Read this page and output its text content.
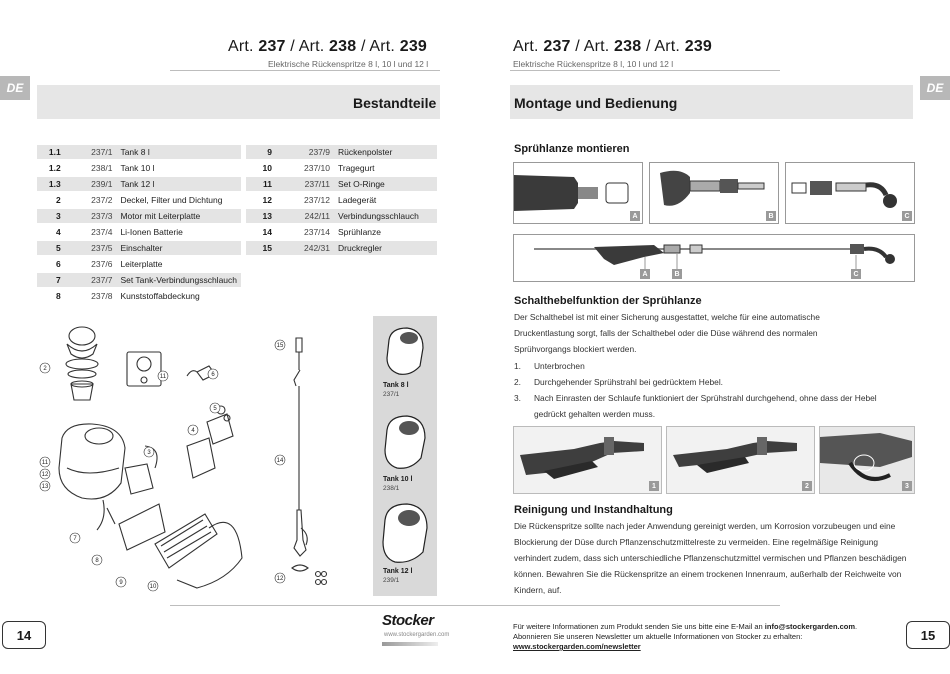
Art. 237 / Art. 238 / Art. 239
Elektrische Rückenspritze 8 l, 10 l und 12 l
Art. 237 / Art. 238 / Art. 239
Elektrische Rückenspritze 8 l, 10 l und 12 l
DE	DE
Bestandteile	Montage und Bedienung
1.1	237/1	Tank 8 l
1.2	238/1	Tank 10 l
1.3	239/1	Tank 12 l
2	237/2	Deckel, Filter und Dichtung
3	237/3	Motor mit Leiterplatte
4	237/4	Li-Ionen Batterie
5	237/5	Einschalter
6	237/6	Leiterplatte
7	237/7	Set Tank-Verbindungsschlauch
8	237/8	Kunststoffabdeckung
9	237/9	Rückenpolster
10	237/10	Tragegurt
11	237/11	Set O-Ringe
12	237/12	Ladegerät
13	242/11	Verbindungsschlauch
14	237/14	Sprühlanze
15	242/31	Druckregler
2
11	6
5
4
3
11
12
13
7
8
9
10
15
14
12
Tank 8 l
237/1
Tank 10 l
238/1
Tank 12 l
239/1
Sprühlanze montieren
A	B	C
A	B	C
Schalthebelfunktion der Sprühlanze
Der Schalthebel ist mit einer Sicherung ausgestattet, welche für eine automatische Druckentlastung sorgt, falls der Schalthebel oder die Düse während des normalen Sprühvorgangs blockiert werden.
1.	Unterbrochen
2.	Durchgehender Sprühstrahl bei gedrücktem Hebel.
3.	Nach Einrasten der Schlaufe funktioniert der Sprühstrahl durchgehend, ohne dass der Hebel gedrückt gehalten werden muss.
1	2	3
Reinigung und Instandhaltung
Die Rückenspritze sollte nach jeder Anwendung gereinigt werden, um Korrosion vorzubeugen und eine Blockierung der Düse durch Pflanzenschutzmittelreste zu vermeiden. Eine regelmäßige Reinigung verhindert zudem, dass sich unterschiedliche Pflanzenschutzmittel vermischen und Pflanzen beschädigen können. Bewahren Sie die Rückenspritze an einem trockenen Innenraum, außerhalb der Reichweite von Kindern, auf.
Stocker
www.stockergarden.com
Für weitere Informationen zum Produkt senden Sie uns bitte eine E-Mail an info@stockergarden.com.
Abonnieren Sie unseren Newsletter um aktuelle Informationen von Stocker zu erhalten:
www.stockergarden.com/newsletter
14	15
